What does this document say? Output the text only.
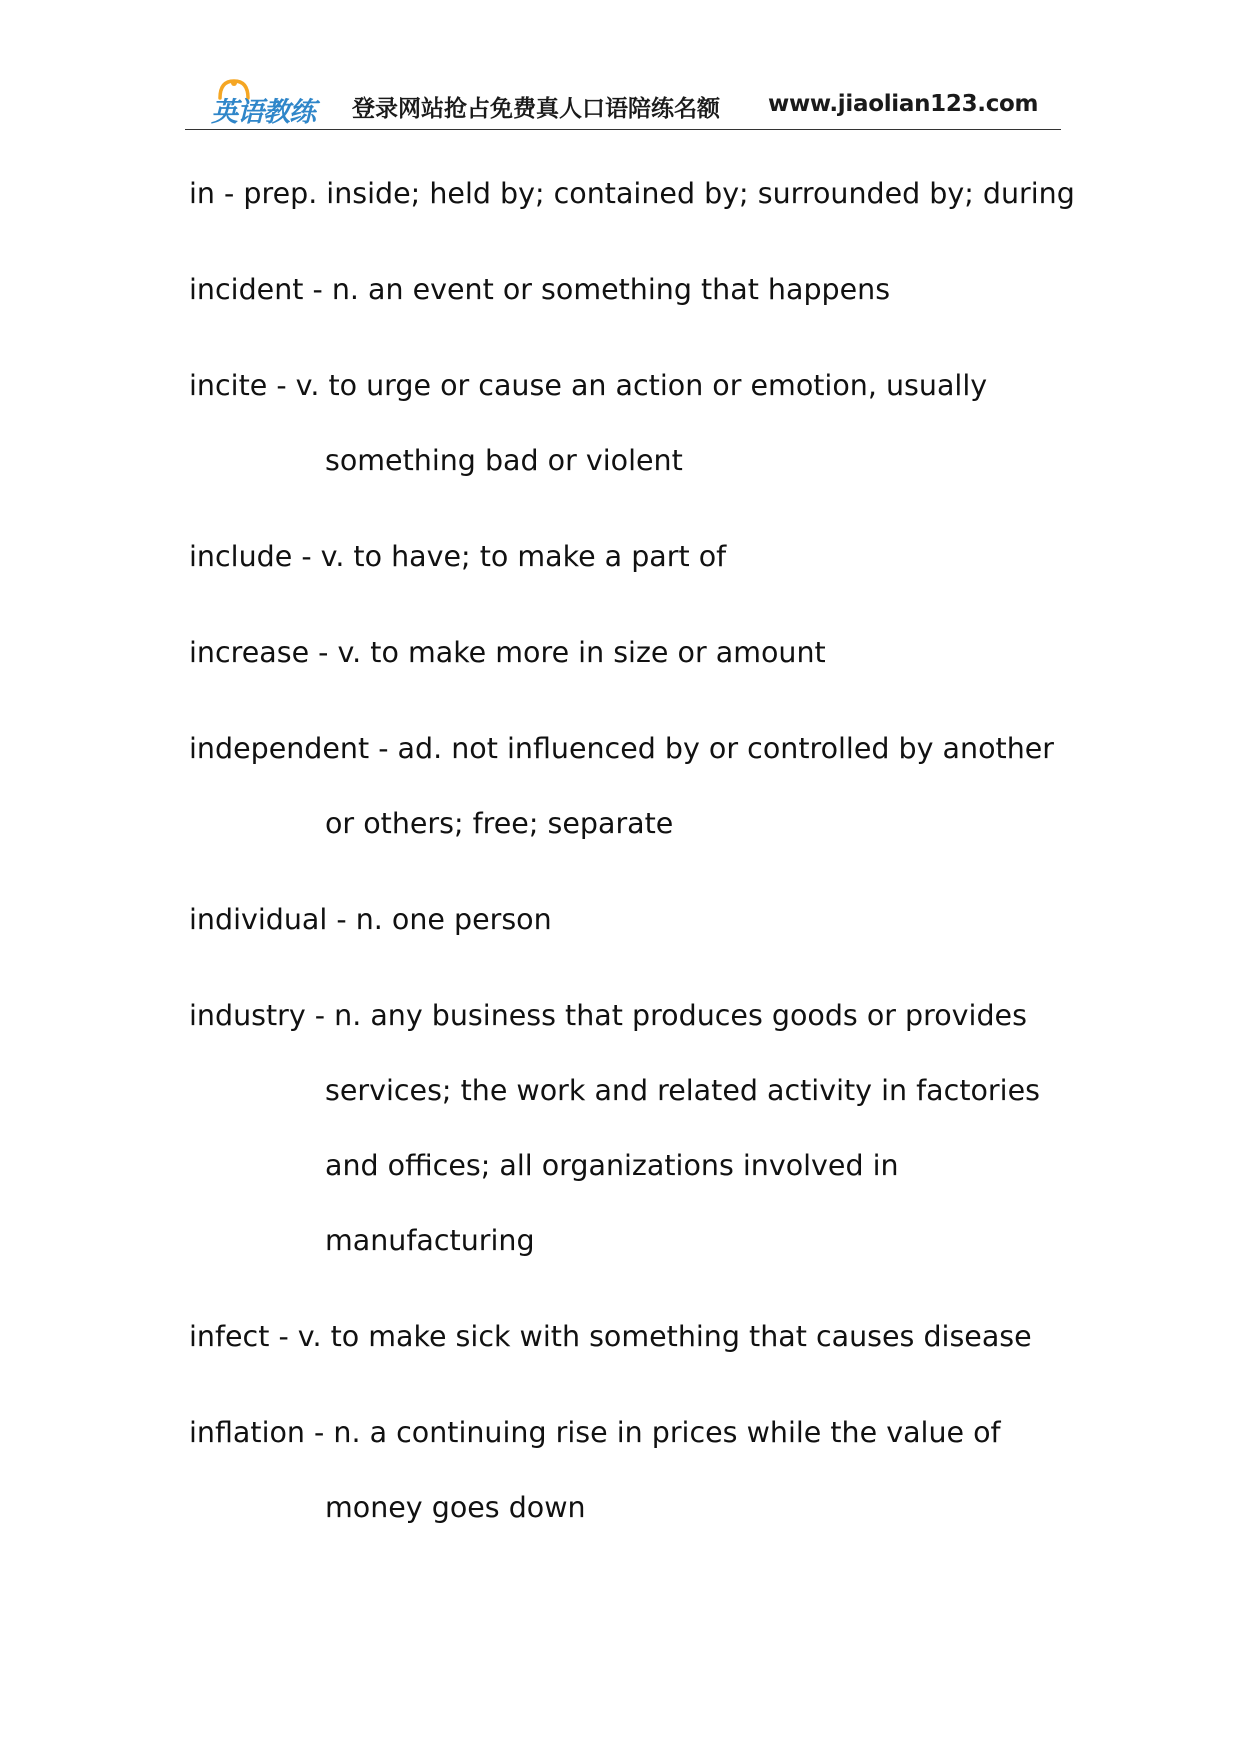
英语教练 登录网站抢占免费真人口语陪练名额 www.jiaolian123.com
in - prep. inside; held by; contained by; surrounded by; during
incident - n. an event or something that happens
incite - v. to urge or cause an action or emotion, usually
something bad or violent
include - v. to have; to make a part of
increase - v. to make more in size or amount
independent - ad. not influenced by or controlled by another
or others; free; separate
individual - n. one person
industry - n. any business that produces goods or provides
services; the work and related activity in factories
and offices; all organizations involved in
manufacturing
infect - v. to make sick with something that causes disease
inflation - n. a continuing rise in prices while the value of
money goes down
